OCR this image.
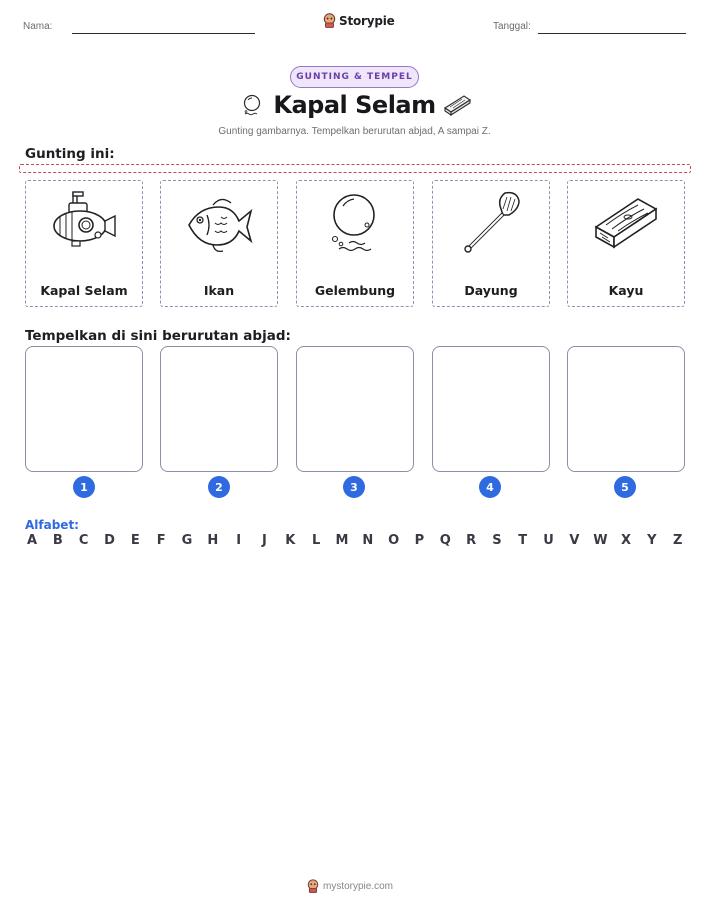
Nama:	Storypie	Tanggal:
GUNTING & TEMPEL
Kapal Selam
Gunting gambarnya. Tempelkan berurutan abjad, A sampai Z.
Gunting ini:
Kapal Selam	Ikan	Gelembung	Dayung	Kayu
Tempelkan di sini berurutan abjad:
1	2	3	4	5
Alfabet:
A B C D E F G H	I	J	K L M N O P Q R S T U V W X Y Z
mystorypie.com
